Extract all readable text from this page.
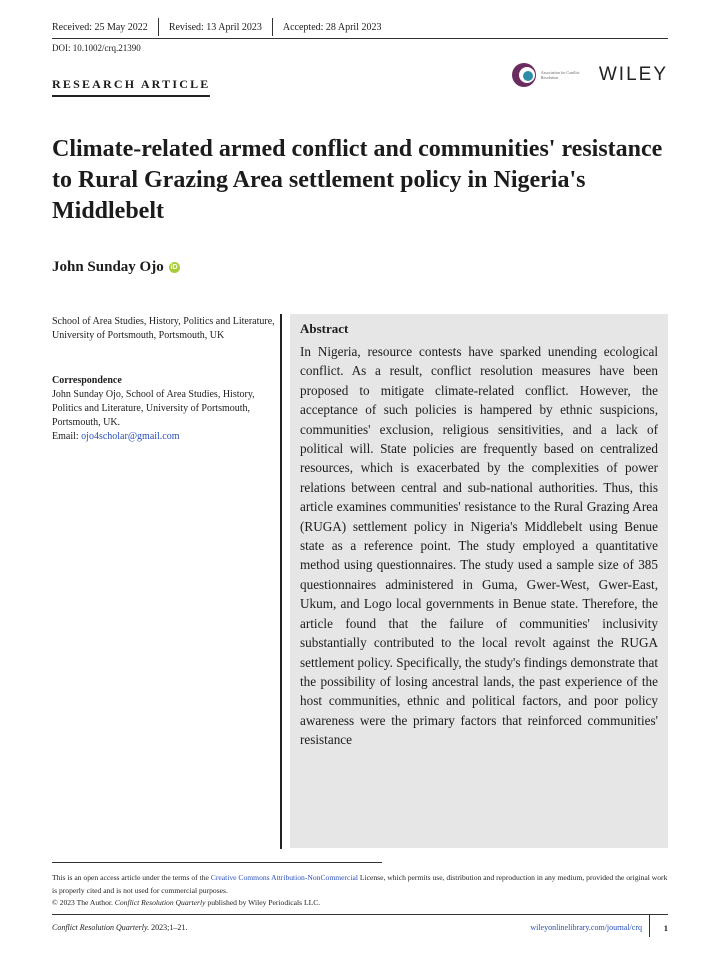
Received: 25 May 2022 Revised: 13 April 2023 Accepted: 28 April 2023
DOI: 10.1002/crq.21390
RESEARCH ARTICLE
Association for Conflict Resolution	WILEY
Climate-related armed conflict and communities' resistance to Rural Grazing Area settlement policy in Nigeria's Middlebelt
John Sunday Ojo iD
School of Area Studies, History, Politics and Literature, University of Portsmouth, Portsmouth, UK
Correspondence
John Sunday Ojo, School of Area Studies, History, Politics and Literature, University of Portsmouth, Portsmouth, UK.
Email: ojo4scholar@gmail.com
Abstract

In Nigeria, resource contests have sparked unending ecological conflict. As a result, conflict resolution measures have been proposed to mitigate climate-related conflict. However, the acceptance of such policies is hampered by ethnic suspicions, communities' exclusion, religious sensitivities, and a lack of political will. State policies are frequently based on centralized resources, which is exacerbated by the complexities of power relations between central and sub-national authorities. Thus, this article examines communities' resistance to the Rural Grazing Area (RUGA) settlement policy in Nigeria's Middlebelt using Benue state as a reference point. The study employed a quantitative method using questionnaires. The study used a sample size of 385 questionnaires administered in Guma, Gwer-West, Gwer-East, Ukum, and Logo local governments in Benue state. Therefore, the article found that the failure of communities' inclusivity substantially contributed to the local revolt against the RUGA settlement policy. Specifically, the study's findings demonstrate that the possibility of losing ancestral lands, the past experience of the host communities, ethnic and political factors, and poor policy awareness were the primary factors that reinforced communities' resistance

This is an open access article under the terms of the Creative Commons Attribution-NonCommercial License, which permits use, distribution and reproduction in any medium, provided the original work is properly cited and is not used for commercial purposes.
© 2023 The Author. Conflict Resolution Quarterly published by Wiley Periodicals LLC.
Conflict Resolution Quarterly. 2023;1–21.	wileyonlinelibrary.com/journal/crq	1
